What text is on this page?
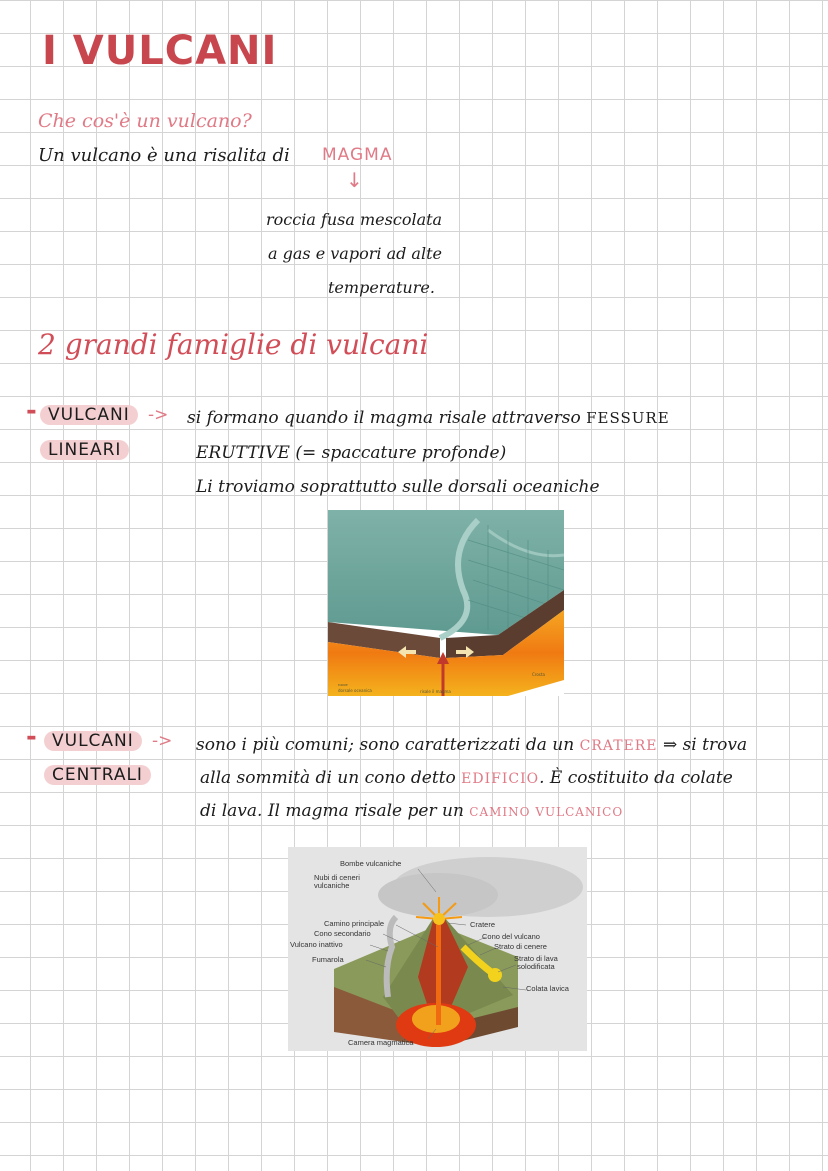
I VULCANI
Che cos'è un vulcano?
Un vulcano è una risalita di MAGMA
↓
roccia fusa mescolata
a gas e vapori ad alte
temperature.
2 grandi famiglie di vulcani
- VULCANI	->
LINEARI
si formano quando il magma risale attraverso FESSURE
ERUTTIVE (= spaccature profonde)
Li troviamo soprattutto sulle dorsali oceaniche
rocce
Crosta
dorsale oceanica	risale il magma
- VULCANI	->
CENTRALI
sono i più comuni; sono caratterizzati da un CRATERE ⇒ si trova
alla sommità di un cono detto EDIFICIO. È costituito da colate
di lava. Il magma risale per un CAMINO VULCANICO
Bombe vulcaniche
Nubi di ceneri
vulcaniche
Camino principale
Cono secondario
Vulcano inattivo
Fumarola
Cratere
Cono del vulcano
Strato di cenere
Strato di lava
solodificata
Colata lavica
Camera magmatica
